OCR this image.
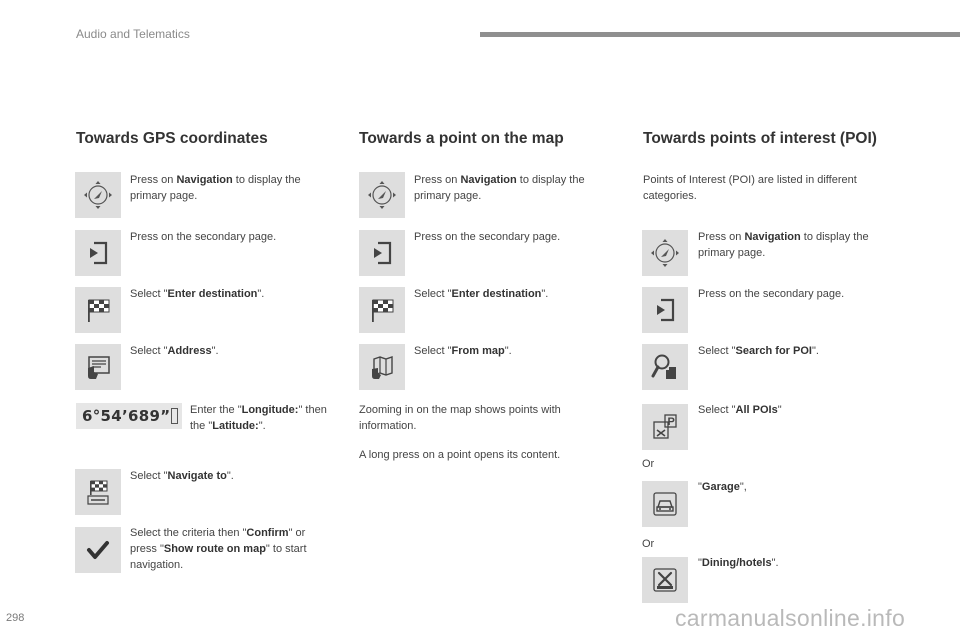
Audio and Telematics
Towards GPS coordinates
Press on Navigation to display the primary page.
Press on the secondary page.
Select "Enter destination".
Select "Address".
6°54’689” Enter the "Longitude:" then the "Latitude:".
Select "Navigate to".
Select the criteria then "Confirm" or press "Show route on map" to start navigation.
Towards a point on the map
Press on Navigation to display the primary page.
Press on the secondary page.
Select "Enter destination".
Select "From map".
Zooming in on the map shows points with information.
A long press on a point opens its content.
Towards points of interest (POI)
Points of Interest (POI) are listed in different categories.
Press on Navigation to display the primary page.
Press on the secondary page.
Select "Search for POI".
P
Select "All POIs"
Or
"Garage",
Or
"Dining/hotels".
298	carmanualsonline.info
